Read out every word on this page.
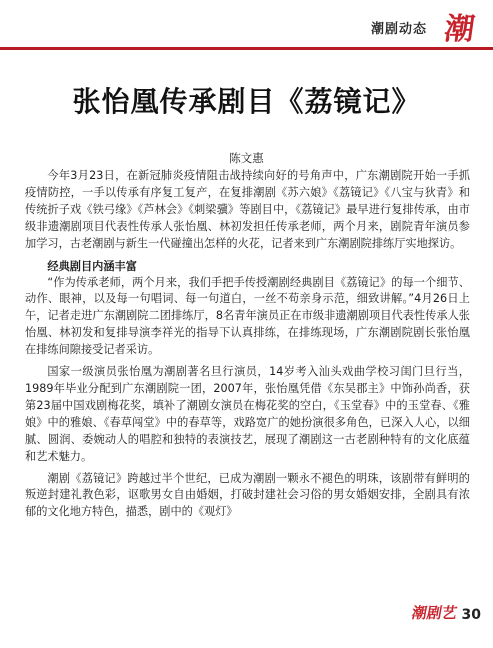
潮剧动态 潮
张怡凰传承剧目《荔镜记》
陈文惠

今年3月23日，在新冠肺炎疫情阻击战持续向好的号角声中，广东潮剧院开始一手抓疫情防控，一手以传承有序复工复产，在复排潮剧《苏六娘》《荔镜记》《八宝与狄青》和传统折子戏《铁弓缘》《芦林会》《刺梁骥》等剧目中，《荔镜记》最早进行复排传承，由市级非遗潮剧项目代表性传承人张怡凰、林初发担任传承老师，两个月来，剧院青年演员参加学习，古老潮剧与新生一代碰撞出怎样的火花，记者来到广东潮剧院排练厅实地探访。

经典剧目内涵丰富

“作为传承老师，两个月来，我们手把手传授潮剧经典剧目《荔镜记》的每一个细节、动作、眼神，以及每一句唱词、每一句道白，一丝不苟亲身示范，细致讲解。”4月26日上午，记者走进广东潮剧院二团排练厅，8名青年演员正在市级非遗潮剧项目代表性传承人张怡凰、林初发和复排导演李祥光的指导下认真排练，在排练现场，广东潮剧院剧长张怡凰在排练间隙接受记者采访。

国家一级演员张怡凰为潮剧著名旦行演员，14岁考入汕头戏曲学校习闺门旦行当，1989年毕业分配到广东潮剧院一团，2007年，张怡凰凭借《东吴郡主》中饰孙尚香，获第23届中国戏剧梅花奖，填补了潮剧女演员在梅花奖的空白，《玉堂春》中的玉堂春、《雅娘》中的雅娘、《春草闯堂》中的春草等，戏路宽广的她扮演很多角色，已深入人心，以细腻、圆润、委婉动人的唱腔和独特的表演技艺，展现了潮剧这一古老剧种特有的文化底蕴和艺术魅力。

潮剧《荔镜记》跨越过半个世纪，已成为潮剧一颗永不褪色的明珠，该剧带有鲜明的叛逆封建礼教色彩，讴歌男女自由婚姻，打破封建社会习俗的男女婚姻安排，全剧具有浓郁的文化地方特色，描悉，剧中的《观灯》

潮剧艺 30
